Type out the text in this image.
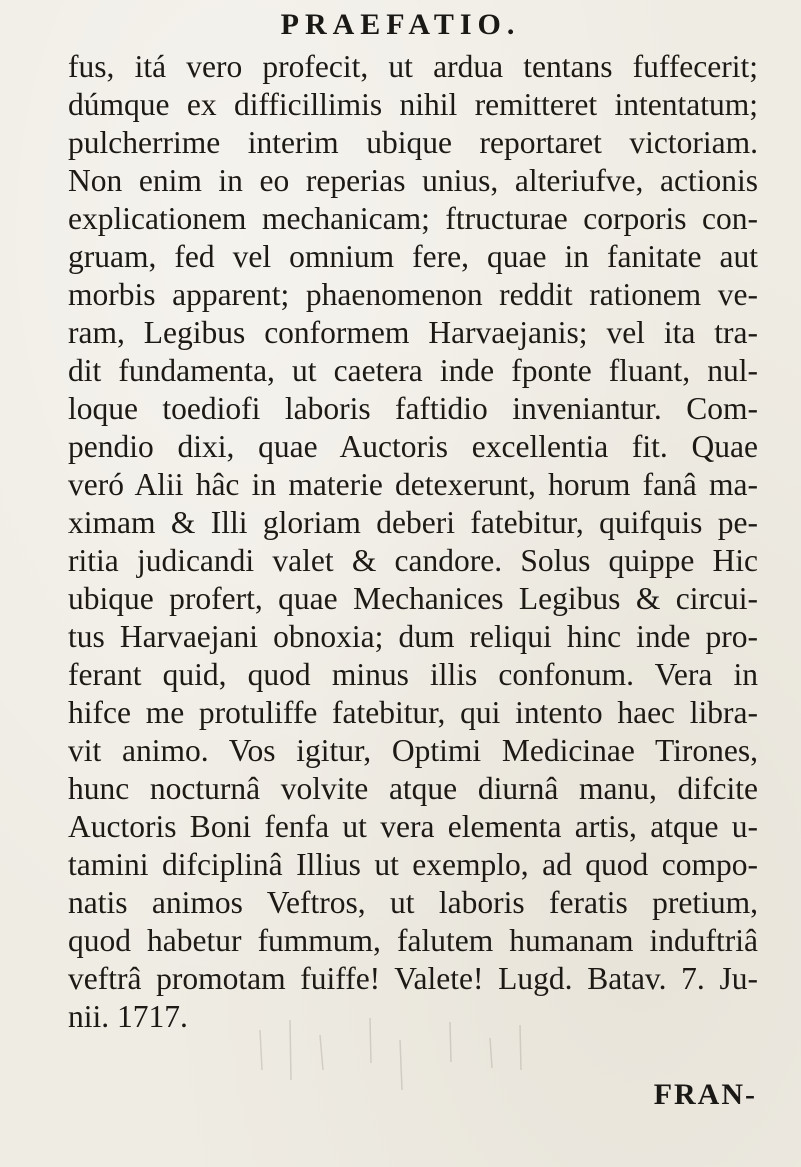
PRAEFATIO.
fus, itá vero profecit, ut ardua tentans fuffecerit;
dúmque ex difficillimis nihil remitteret intentatum;
pulcherrime interim ubique reportaret victoriam.
Non enim in eo reperias unius, alteriufve, actionis
explicationem mechanicam; ftructurae corporis con-
gruam, fed vel omnium fere, quae in fanitate aut
morbis apparent; phaenomenon reddit rationem ve-
ram, Legibus conformem Harvaejanis; vel ita tra-
dit fundamenta, ut caetera inde fponte fluant, nul-
loque toediofi laboris faftidio inveniantur. Com-
pendio dixi, quae Auctoris excellentia fit. Quae
veró Alii hâc in materie detexerunt, horum fanâ ma-
ximam & Illi gloriam deberi fatebitur, quifquis pe-
ritia judicandi valet & candore. Solus quippe Hic
ubique profert, quae Mechanices Legibus & circui-
tus Harvaejani obnoxia; dum reliqui hinc inde pro-
ferant quid, quod minus illis confonum. Vera in
hifce me protuliffe fatebitur, qui intento haec libra-
vit animo. Vos igitur, Optimi Medicinae Tirones,
hunc nocturnâ volvite atque diurnâ manu, difcite
Auctoris Boni fenfa ut vera elementa artis, atque u-
tamini difciplinâ Illius ut exemplo, ad quod compo-
natis animos Veftros, ut laboris feratis pretium,
quod habetur fummum, falutem humanam induftriâ
veftrâ promotam fuiffe! Valete! Lugd. Batav. 7. Ju-
nii. 1717.
FRAN-
